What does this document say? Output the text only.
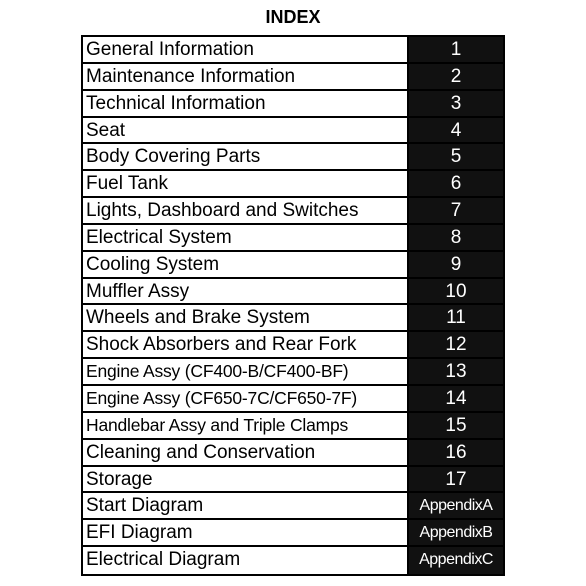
INDEX
General Information	1
Maintenance Information	2
Technical Information	3
Seat	4
Body Covering Parts	5
Fuel Tank	6
Lights, Dashboard and Switches	7
Electrical System	8
Cooling System	9
Muffler Assy	10
Wheels and Brake System	11
Shock Absorbers and Rear Fork	12
Engine Assy (CF400-B/CF400-BF)	13
Engine Assy (CF650-7C/CF650-7F)	14
Handlebar Assy and Triple Clamps	15
Cleaning and Conservation	16
Storage	17
Start Diagram	AppendixA
EFI Diagram	AppendixB
Electrical Diagram	AppendixC
